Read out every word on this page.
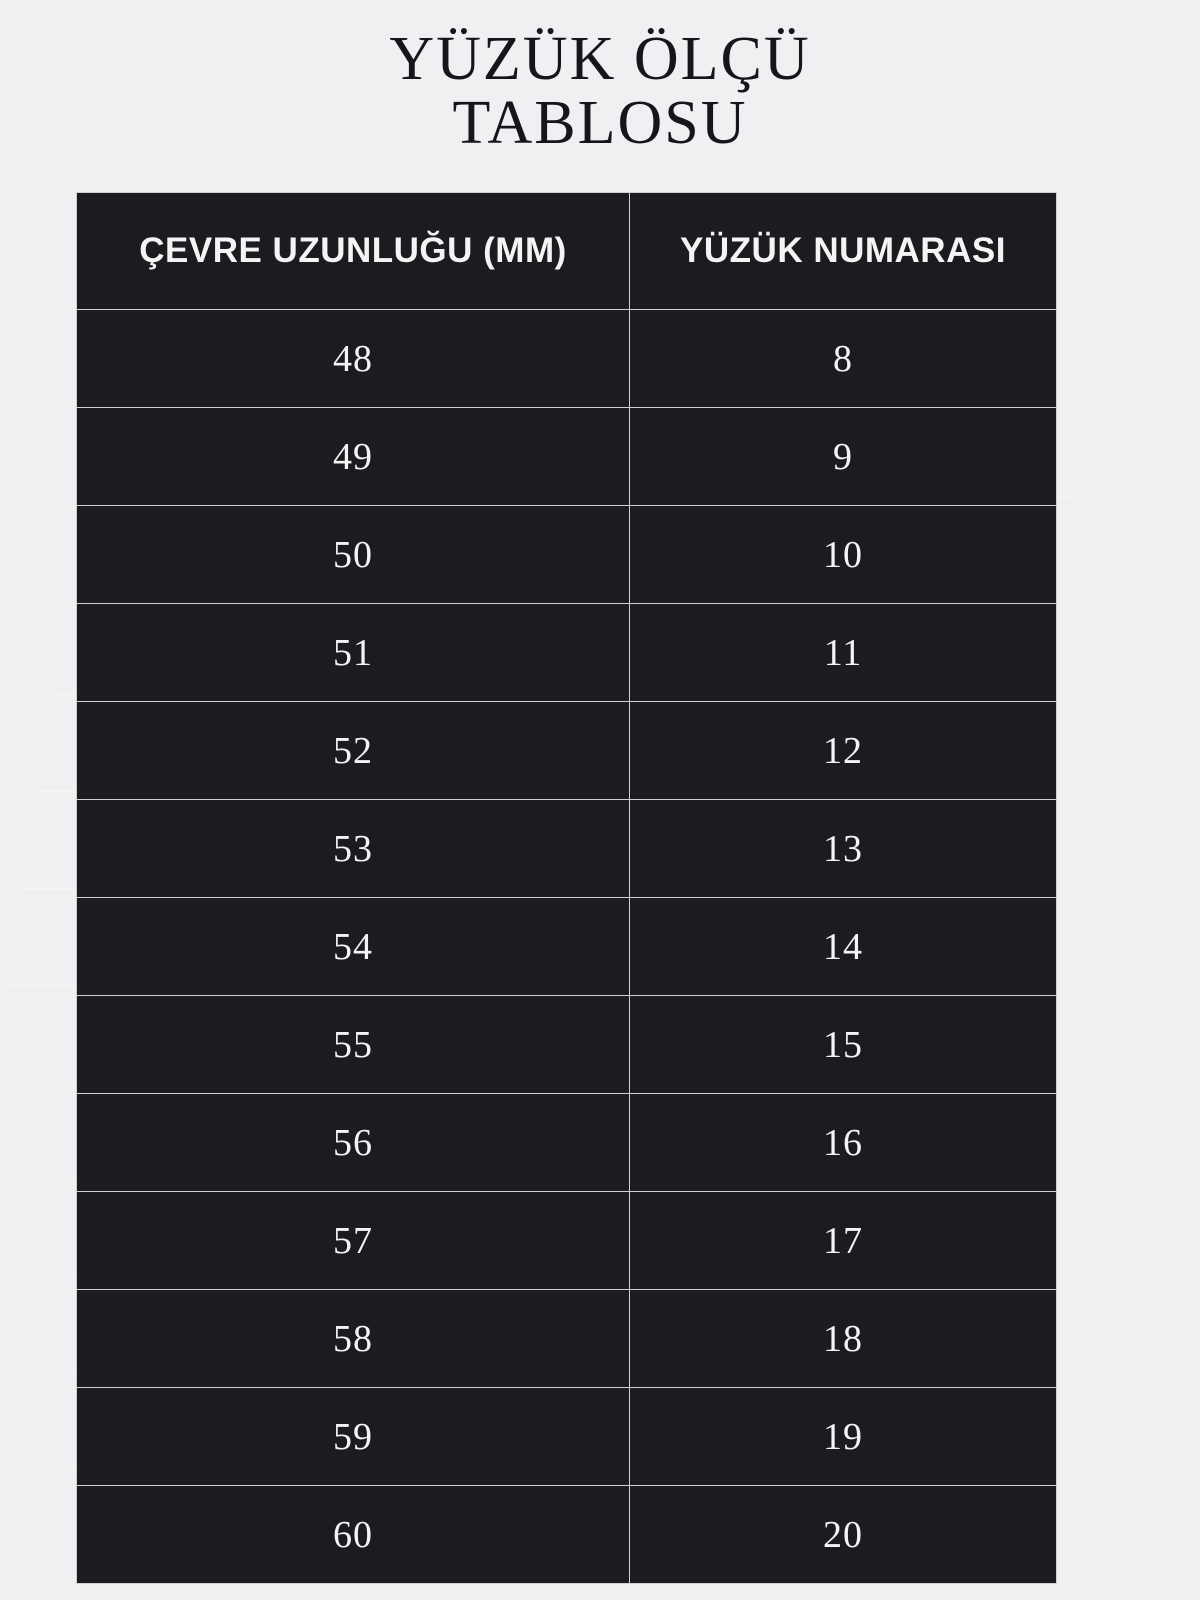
YÜZÜK ÖLÇÜ
TABLOSU
ÇEVRE UZUNLUĞU (MM)	YÜZÜK NUMARASI
48	8
49	9
50	10
51	11
52	12
53	13
54	14
55	15
56	16
57	17
58	18
59	19
60	20
